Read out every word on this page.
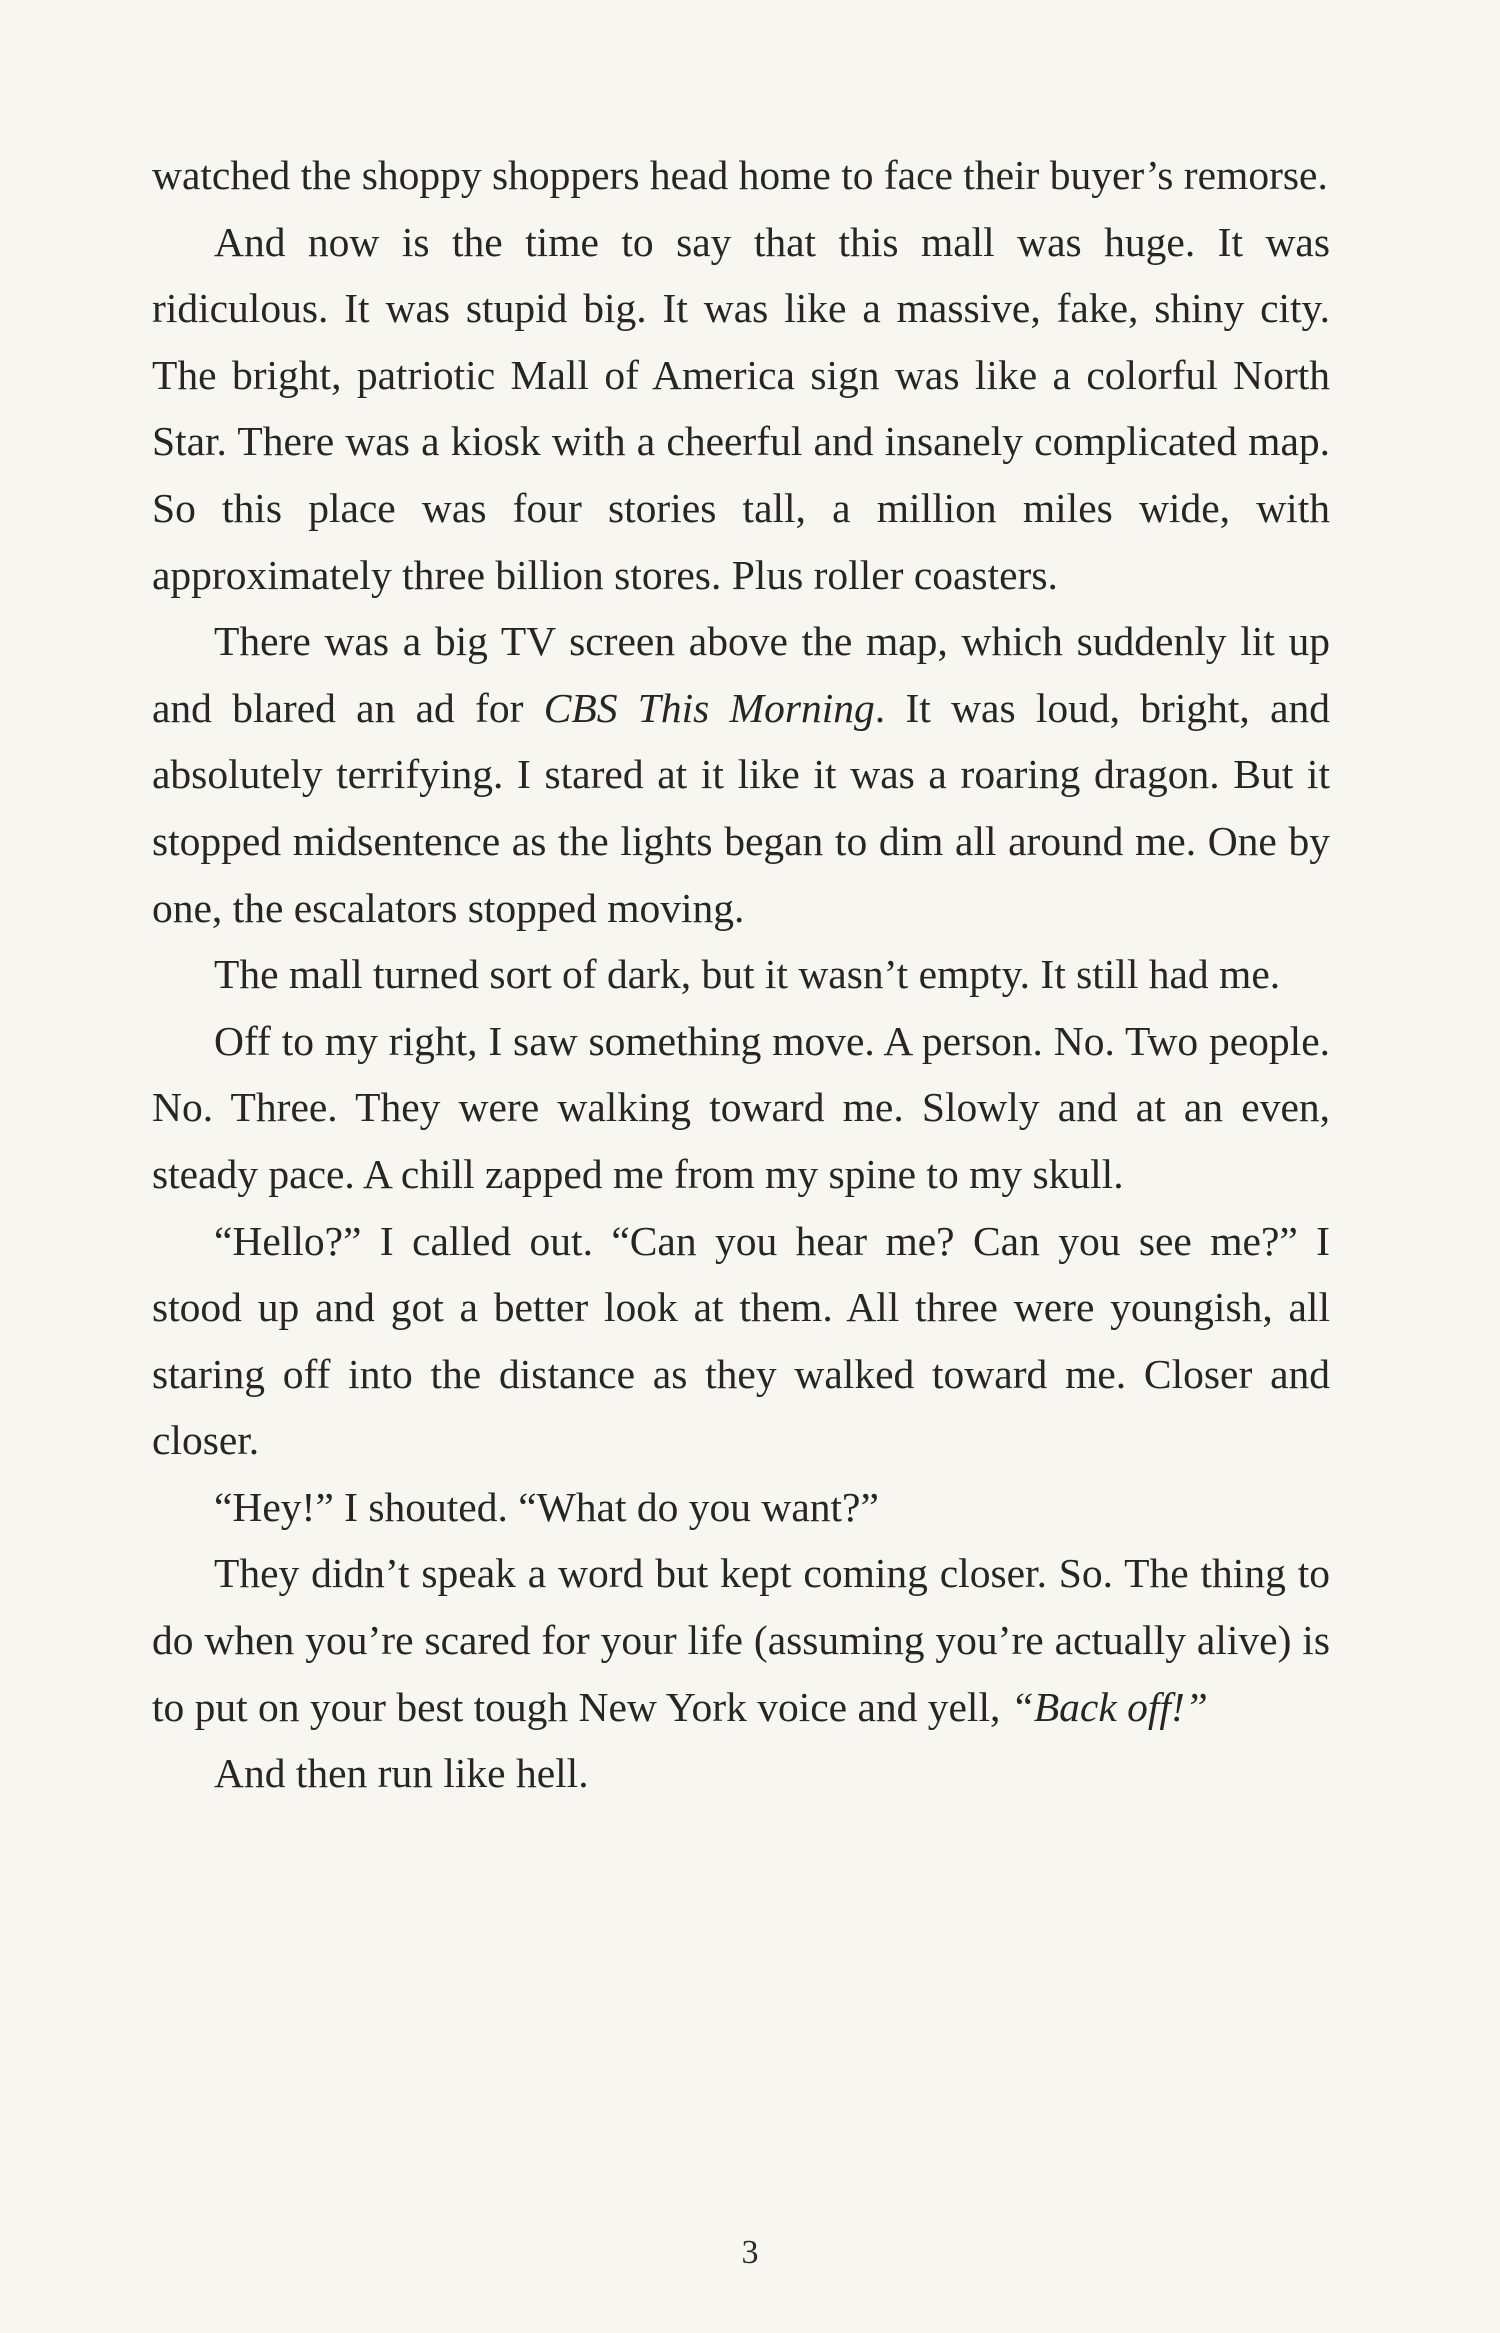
watched the shoppy shoppers head home to face their buyer’s remorse.

And now is the time to say that this mall was huge. It was ridiculous. It was stupid big. It was like a massive, fake, shiny city. The bright, patriotic Mall of America sign was like a colorful North Star. There was a kiosk with a cheerful and insanely complicated map. So this place was four stories tall, a million miles wide, with approximately three billion stores. Plus roller coasters.

There was a big TV screen above the map, which suddenly lit up and blared an ad for CBS This Morning. It was loud, bright, and absolutely terrifying. I stared at it like it was a roaring dragon. But it stopped midsentence as the lights began to dim all around me. One by one, the escalators stopped moving.

The mall turned sort of dark, but it wasn’t empty. It still had me.

Off to my right, I saw something move. A person. No. Two people. No. Three. They were walking toward me. Slowly and at an even, steady pace. A chill zapped me from my spine to my skull.

“Hello?” I called out. “Can you hear me? Can you see me?” I stood up and got a better look at them. All three were youngish, all staring off into the distance as they walked toward me. Closer and closer.

“Hey!” I shouted. “What do you want?”

They didn’t speak a word but kept coming closer. So. The thing to do when you’re scared for your life (assuming you’re actually alive) is to put on your best tough New York voice and yell, “Back off!”

And then run like hell.

3
